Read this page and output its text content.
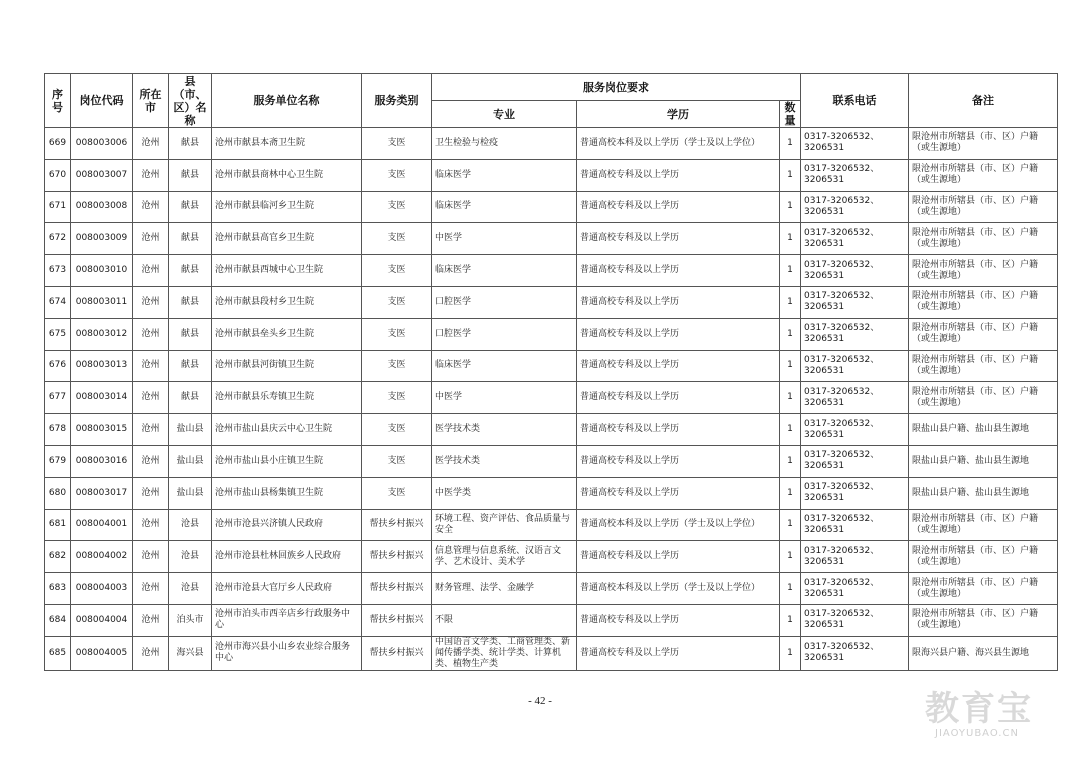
序号	岗位代码	所在市	县（市、区）名称	服务单位名称	服务类别	服务岗位要求			联系电话	备注
						专业	学历	数量		
669	008003006	沧州	献县	沧州市献县本斋卫生院	支医	卫生检验与检疫	普通高校本科及以上学历（学士及以上学位）	1	0317-3206532、3206531	限沧州市所辖县（市、区）户籍（或生源地）
670	008003007	沧州	献县	沧州市献县商林中心卫生院	支医	临床医学	普通高校专科及以上学历	1	0317-3206532、3206531	限沧州市所辖县（市、区）户籍（或生源地）
671	008003008	沧州	献县	沧州市献县临河乡卫生院	支医	临床医学	普通高校专科及以上学历	1	0317-3206532、3206531	限沧州市所辖县（市、区）户籍（或生源地）
672	008003009	沧州	献县	沧州市献县高官乡卫生院	支医	中医学	普通高校专科及以上学历	1	0317-3206532、3206531	限沧州市所辖县（市、区）户籍（或生源地）
673	008003010	沧州	献县	沧州市献县西城中心卫生院	支医	临床医学	普通高校专科及以上学历	1	0317-3206532、3206531	限沧州市所辖县（市、区）户籍（或生源地）
674	008003011	沧州	献县	沧州市献县段村乡卫生院	支医	口腔医学	普通高校专科及以上学历	1	0317-3206532、3206531	限沧州市所辖县（市、区）户籍（或生源地）
675	008003012	沧州	献县	沧州市献县垒头乡卫生院	支医	口腔医学	普通高校专科及以上学历	1	0317-3206532、3206531	限沧州市所辖县（市、区）户籍（或生源地）
676	008003013	沧州	献县	沧州市献县河街镇卫生院	支医	临床医学	普通高校专科及以上学历	1	0317-3206532、3206531	限沧州市所辖县（市、区）户籍（或生源地）
677	008003014	沧州	献县	沧州市献县乐寿镇卫生院	支医	中医学	普通高校专科及以上学历	1	0317-3206532、3206531	限沧州市所辖县（市、区）户籍（或生源地）
678	008003015	沧州	盐山县	沧州市盐山县庆云中心卫生院	支医	医学技术类	普通高校专科及以上学历	1	0317-3206532、3206531	限盐山县户籍、盐山县生源地
679	008003016	沧州	盐山县	沧州市盐山县小庄镇卫生院	支医	医学技术类	普通高校专科及以上学历	1	0317-3206532、3206531	限盐山县户籍、盐山县生源地
680	008003017	沧州	盐山县	沧州市盐山县杨集镇卫生院	支医	中医学类	普通高校专科及以上学历	1	0317-3206532、3206531	限盐山县户籍、盐山县生源地
681	008004001	沧州	沧县	沧州市沧县兴济镇人民政府	帮扶乡村振兴	环境工程、资产评估、食品质量与安全	普通高校本科及以上学历（学士及以上学位）	1	0317-3206532、3206531	限沧州市所辖县（市、区）户籍（或生源地）
682	008004002	沧州	沧县	沧州市沧县杜林回族乡人民政府	帮扶乡村振兴	信息管理与信息系统、汉语言文学、艺术设计、美术学	普通高校专科及以上学历	1	0317-3206532、3206531	限沧州市所辖县（市、区）户籍（或生源地）
683	008004003	沧州	沧县	沧州市沧县大官厅乡人民政府	帮扶乡村振兴	财务管理、法学、金融学	普通高校本科及以上学历（学士及以上学位）	1	0317-3206532、3206531	限沧州市所辖县（市、区）户籍（或生源地）
684	008004004	沧州	泊头市	沧州市泊头市西辛店乡行政服务中心	帮扶乡村振兴	不限	普通高校专科及以上学历	1	0317-3206532、3206531	限沧州市所辖县（市、区）户籍（或生源地）
685	008004005	沧州	海兴县	沧州市海兴县小山乡农业综合服务中心	帮扶乡村振兴	中国语言文学类、工商管理类、新闻传播学类、统计学类、计算机类、植物生产类	普通高校专科及以上学历	1	0317-3206532、3206531	限海兴县户籍、海兴县生源地
- 42 -	教育宝
JIAOYUBAO.CN
